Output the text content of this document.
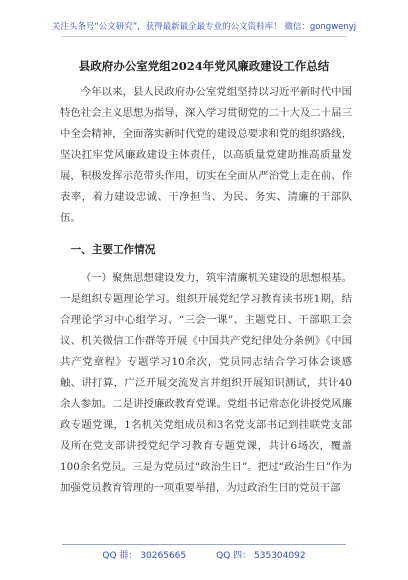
关注头条号“公文研究”，获得最新最全最专业的公文资料库！ 微信：gongwenyj
县政府办公室党组2024年党风廉政建设工作总结

今年以来，县人民政府办公室党组坚持以习近平新时代中国特色社会主义思想为指导，深入学习贯彻党的二十大及二十届三中全会精神，全面落实新时代党的建设总要求和党的组织路线，坚决扛牢党风廉政建设主体责任，以高质量党建助推高质量发展，积极发挥示范带头作用，切实在全面从严治党上走在前、作表率，着力建设忠诚、干净担当、为民、务实、清廉的干部队伍。

一、主要工作情况

（一）聚焦思想建设发力，筑牢清廉机关建设的思想根基。一是组织专题理论学习。组织开展党纪学习教育读书班1期，结合理论学习中心组学习、“三会一课”、主题党日、干部职工会议、机关微信工作群等开展《中国共产党纪律处分条例》《中国共产党章程》专题学习10余次，党员同志结合学习体会谈感触、讲打算，广泛开展交流发言并组织开展知识测试，共计40余人参加。二是讲授廉政教育党课。党组书记常态化讲授党风廉政专题党课，1名机关党组成员和3名党支部书记到挂联党支部及所在党支部讲授党纪学习教育专题党课，共计6场次，覆盖100余名党员。三是为党员过“政治生日”。把过“政治生日”作为加强党员教育管理的一项重要举措，为过政治生日的党员干部

QQ 群： 30265665	QQ 四： 535304092
